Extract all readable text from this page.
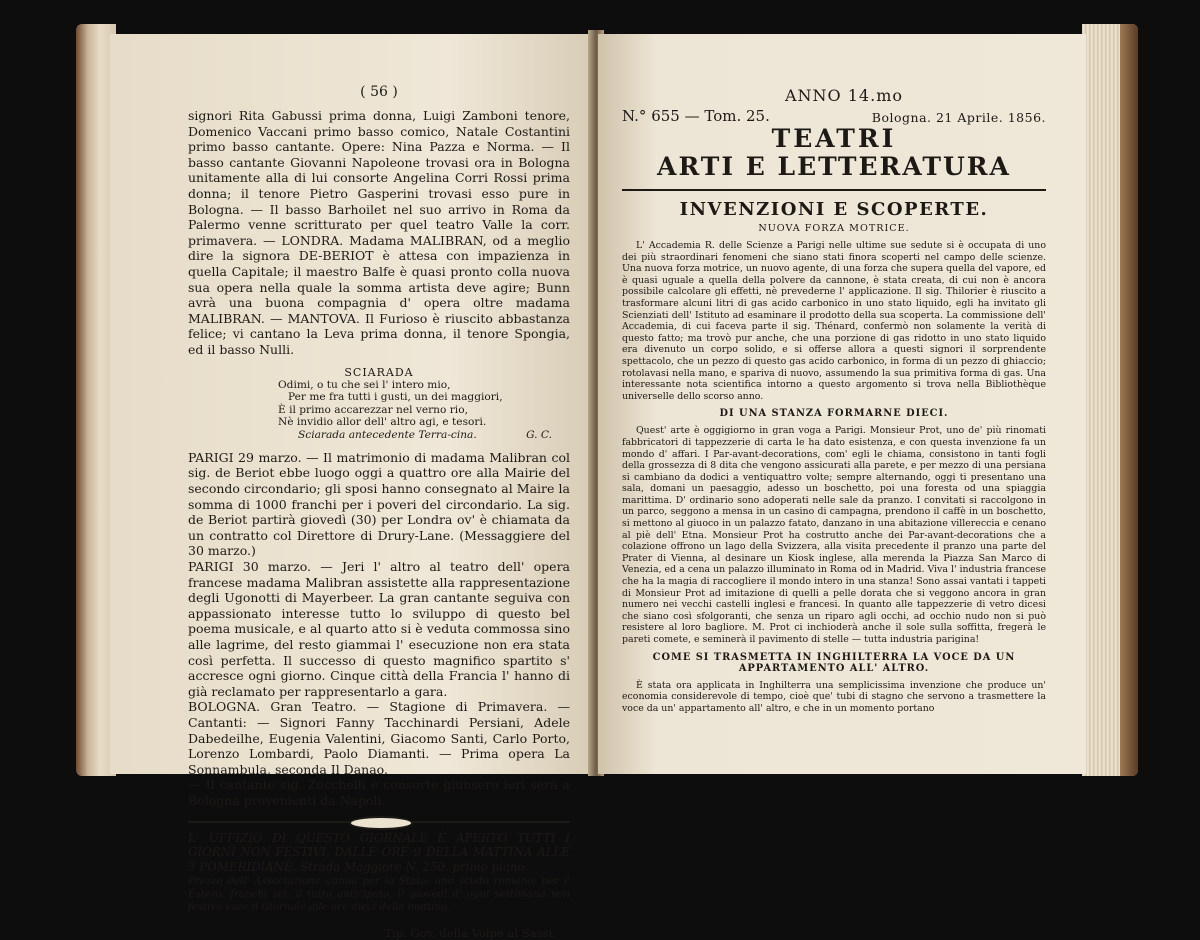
( 56 )

signori Rita Gabussi prima donna, Luigi Zamboni tenore, Domenico Vaccani primo basso comico, Natale Costantini primo basso cantante. Opere: Nina Pazza e Norma. — Il basso cantante Giovanni Napoleone trovasi ora in Bologna unitamente alla di lui consorte Angelina Corri Rossi prima donna; il tenore Pietro Gasperini trovasi esso pure in Bologna. — Il basso Barhoilet nel suo arrivo in Roma da Palermo venne scritturato per quel teatro Valle la corr. primavera. — LONDRA. Madama MALIBRAN, od a meglio dire la signora DE-BERIOT è attesa con impazienza in quella Capitale; il maestro Balfe è quasi pronto colla nuova sua opera nella quale la somma artista deve agire; Bunn avrà una buona compagnia d' opera oltre madama MALIBRAN. — MANTOVA. Il Furioso è riuscito abbastanza felice; vi cantano la Leva prima donna, il tenore Spongia, ed il basso Nulli.

SCIARADA
Odimi, o tu che sei l' intero mio,
Per me fra tutti i gusti, un dei maggiori,
È il primo accarezzar nel verno rio,
Nè invidio allor dell' altro agi, e tesori.
Sciarada antecedente Terra-cina.	G. C.

PARIGI 29 marzo. — Il matrimonio di madama Malibran col sig. de Beriot ebbe luogo oggi a quattro ore alla Mairie del secondo circondario; gli sposi hanno consegnato al Maire la somma di 1000 franchi per i poveri del circondario. La sig. de Beriot partirà giovedì (30) per Londra ov' è chiamata da un contratto col Direttore di Drury-Lane. (Messaggiere del 30 marzo.)

PARIGI 30 marzo. — Jeri l' altro al teatro dell' opera francese madama Malibran assistette alla rappresentazione degli Ugonotti di Mayerbeer. La gran cantante seguiva con appassionato interesse tutto lo sviluppo di questo bel poema musicale, e al quarto atto si è veduta commossa sino alle lagrime, del resto giammai l' esecuzione non era stata così perfetta. Il successo di questo magnifico spartito s' accresce ogni giorno. Cinque città della Francia l' hanno di già reclamato per rappresentarlo a gara.

BOLOGNA. Gran Teatro. — Stagione di Primavera. — Cantanti: — Signori Fanny Tacchinardi Persiani, Adele Dabedeilhe, Eugenia Valentini, Giacomo Santi, Carlo Porto, Lorenzo Lombardi, Paolo Diamanti. — Prima opera La Sonnambula, seconda Il Danao.

— Il cantante sig. Zucchelli e consorte giunsero ieri sera a Bologna provenienti da Napoli.

L' UFFIZIO DI QUESTO GIORNALE È APERTO TUTTI I GIORNI NON FESTIVI, DALLE ORE 9 DELLA MATTINA ALLE 3 POMERIDIANE. Strada Maggiore N. 250. primo piano.

Prezzo dell' Associazione annua per lo Stato: uno scudo romano; per l' Estero: franchi sei; il tutto anticipato. Il giovedì d' ogni settimana non festivo esce il Giornale alle ore dieci della mattina.

Tip. Gov. della Volpe al Sassi.
ANNO 14.mo
N.° 655 — Tom. 25.	Bologna. 21 Aprile. 1856.
TEATRI
ARTI E LETTERATURA
INVENZIONI E SCOPERTE.
NUOVA FORZA MOTRICE.

L' Accademia R. delle Scienze a Parigi nelle ultime sue sedute si è occupata di uno dei più straordinari fenomeni che siano stati finora scoperti nel campo delle scienze. Una nuova forza motrice, un nuovo agente, di una forza che supera quella del vapore, ed è quasi uguale a quella della polvere da cannone, è stata creata, di cui non è ancora possibile calcolare gli effetti, nè prevederne l' applicazione. Il sig. Thilorier è riuscito a trasformare alcuni litri di gas acido carbonico in uno stato liquido, egli ha invitato gli Scienziati dell' Istituto ad esaminare il prodotto della sua scoperta. La commissione dell' Accademia, di cui faceva parte il sig. Thénard, confermò non solamente la verità di questo fatto; ma trovò pur anche, che una porzione di gas ridotto in uno stato liquido era divenuto un corpo solido, e si offerse allora a questi signori il sorprendente spettacolo, che un pezzo di questo gas acido carbonico, in forma di un pezzo di ghiaccio; rotolavasi nella mano, e spariva di nuovo, assumendo la sua primitiva forma di gas. Una interessante nota scientifica intorno a questo argomento si trova nella Bibliothèque universelle dello scorso anno.

DI UNA STANZA FORMARNE DIECI.

Quest' arte è oggigiorno in gran voga a Parigi. Monsieur Prot, uno de' più rinomati fabbricatori di tappezzerie di carta le ha dato esistenza, e con questa invenzione fa un mondo d' affari. I Par-avant-decorations, com' egli le chiama, consistono in tanti fogli della grossezza di 8 dita che vengono assicurati alla parete, e per mezzo di una persiana si cambiano da dodici a ventiquattro volte; sempre alternando, oggi ti presentano una sala, domani un paesaggio, adesso un boschetto, poi una foresta od una spiaggia marittima. D' ordinario sono adoperati nelle sale da pranzo. I convitati si raccolgono in un parco, seggono a mensa in un casino di campagna, prendono il caffè in un boschetto, si mettono al giuoco in un palazzo fatato, danzano in una abitazione villereccia e cenano al piè dell' Etna. Monsieur Prot ha costrutto anche dei Par-avant-decorations che a colazione offrono un lago della Svizzera, alla visita precedente il pranzo una parte del Prater di Vienna, al desinare un Kiosk inglese, alla merenda la Piazza San Marco di Venezia, ed a cena un palazzo illuminato in Roma od in Madrid. Viva l' industria francese che ha la magia di raccogliere il mondo intero in una stanza! Sono assai vantati i tappeti di Monsieur Prot ad imitazione di quelli a pelle dorata che si veggono ancora in gran numero nei vecchi castelli inglesi e francesi. In quanto alle tappezzerie di vetro dicesi che siano così sfolgoranti, che senza un riparo agli occhi, ad occhio nudo non si può resistere al loro bagliore. M. Prot ci inchioderà anche il sole sulla soffitta, fregerà le pareti comete, e seminerà il pavimento di stelle — tutta industria parigina!

COME SI TRASMETTA IN INGHILTERRA LA VOCE DA UN APPARTAMENTO ALL' ALTRO.

È stata ora applicata in Inghilterra una semplicissima invenzione che produce un' economia considerevole di tempo, cioè que' tubi di stagno che servono a trasmettere la voce da un' appartamento all' altro, e che in un momento portano
